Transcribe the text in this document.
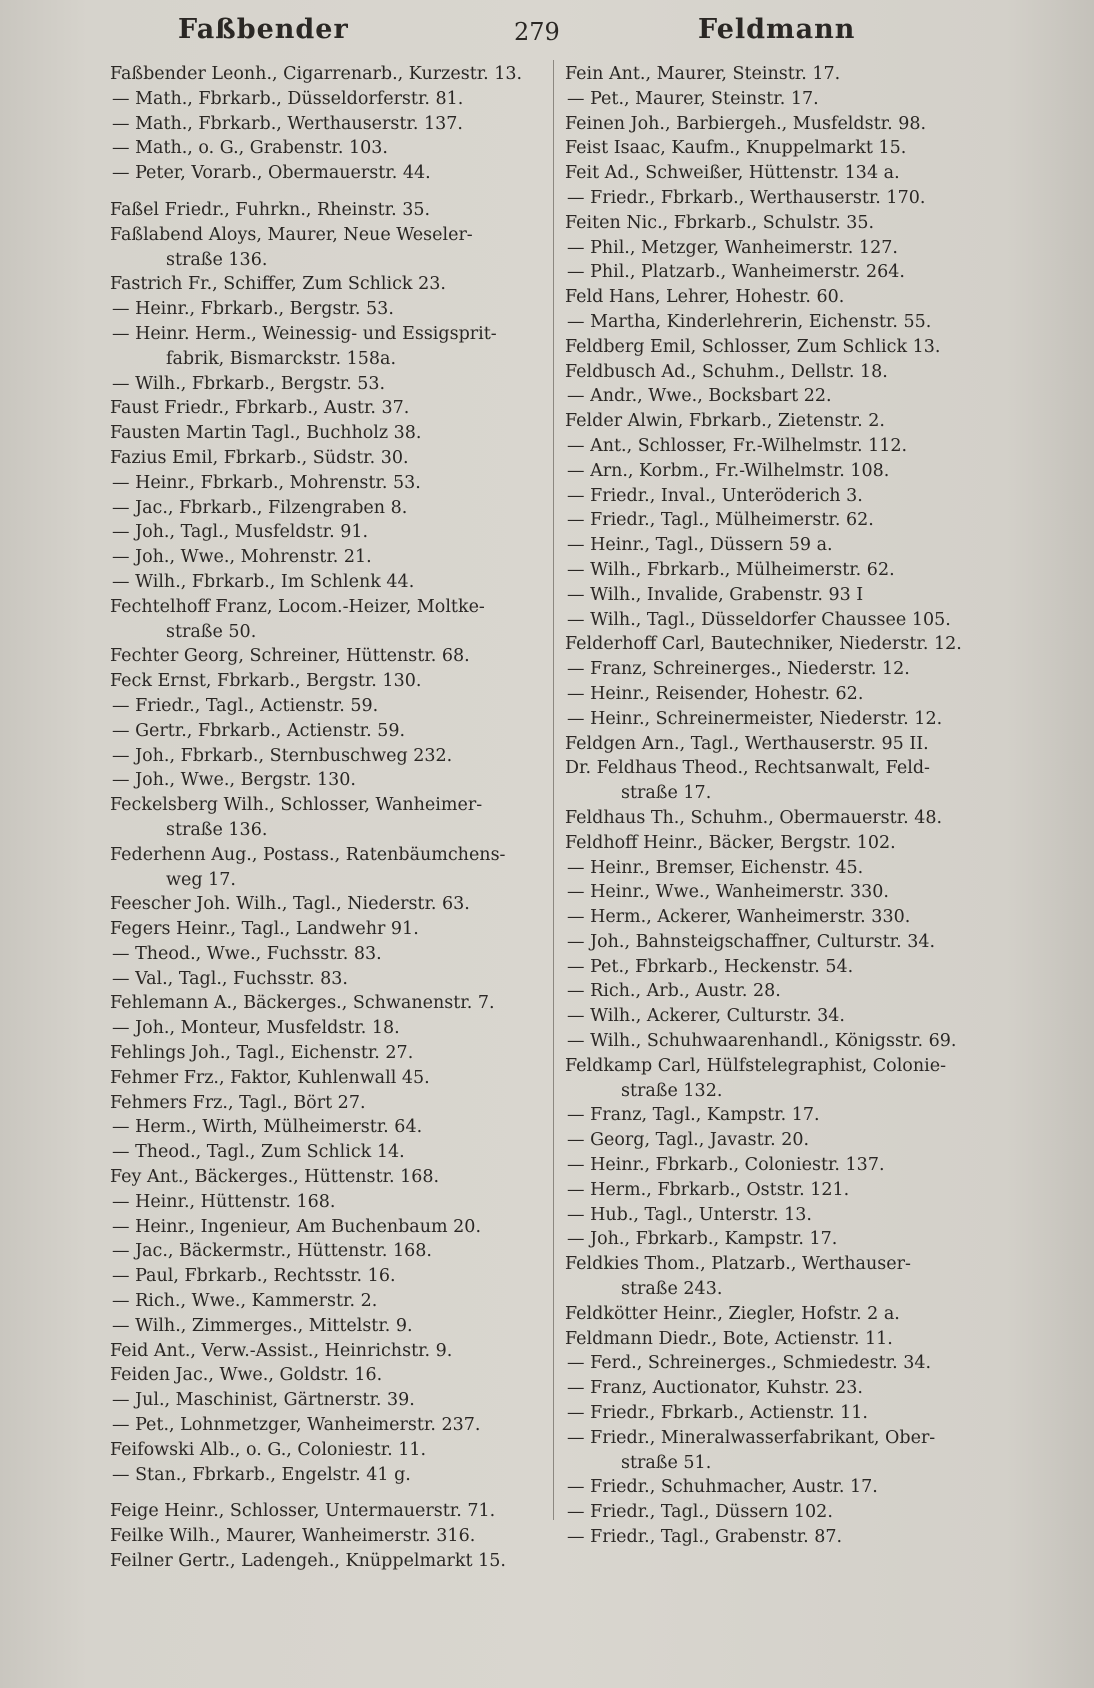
Faßbender	279	Feldmann
Faßbender Leonh., Cigarrenarb., Kurzestr. 13.
— Math., Fbrkarb., Düsseldorferstr. 81.
— Math., Fbrkarb., Werthauserstr. 137.
— Math., o. G., Grabenstr. 103.
— Peter, Vorarb., Obermauerstr. 44.
Faßel Friedr., Fuhrkn., Rheinstr. 35.
Faßlabend Aloys, Maurer, Neue Weseler-
straße 136.
Fastrich Fr., Schiffer, Zum Schlick 23.
— Heinr., Fbrkarb., Bergstr. 53.
— Heinr. Herm., Weinessig- und Essigsprit-
fabrik, Bismarckstr. 158a.
— Wilh., Fbrkarb., Bergstr. 53.
Faust Friedr., Fbrkarb., Austr. 37.
Fausten Martin Tagl., Buchholz 38.
Fazius Emil, Fbrkarb., Südstr. 30.
— Heinr., Fbrkarb., Mohrenstr. 53.
— Jac., Fbrkarb., Filzengraben 8.
— Joh., Tagl., Musfeldstr. 91.
— Joh., Wwe., Mohrenstr. 21.
— Wilh., Fbrkarb., Im Schlenk 44.
Fechtelhoff Franz, Locom.-Heizer, Moltke-
straße 50.
Fechter Georg, Schreiner, Hüttenstr. 68.
Feck Ernst, Fbrkarb., Bergstr. 130.
— Friedr., Tagl., Actienstr. 59.
— Gertr., Fbrkarb., Actienstr. 59.
— Joh., Fbrkarb., Sternbuschweg 232.
— Joh., Wwe., Bergstr. 130.
Feckelsberg Wilh., Schlosser, Wanheimer-
straße 136.
Federhenn Aug., Postass., Ratenbäumchens-
weg 17.
Feescher Joh. Wilh., Tagl., Niederstr. 63.
Fegers Heinr., Tagl., Landwehr 91.
— Theod., Wwe., Fuchsstr. 83.
— Val., Tagl., Fuchsstr. 83.
Fehlemann A., Bäckerges., Schwanenstr. 7.
— Joh., Monteur, Musfeldstr. 18.
Fehlings Joh., Tagl., Eichenstr. 27.
Fehmer Frz., Faktor, Kuhlenwall 45.
Fehmers Frz., Tagl., Bört 27.
— Herm., Wirth, Mülheimerstr. 64.
— Theod., Tagl., Zum Schlick 14.
Fey Ant., Bäckerges., Hüttenstr. 168.
— Heinr., Hüttenstr. 168.
— Heinr., Ingenieur, Am Buchenbaum 20.
— Jac., Bäckermstr., Hüttenstr. 168.
— Paul, Fbrkarb., Rechtsstr. 16.
— Rich., Wwe., Kammerstr. 2.
— Wilh., Zimmerges., Mittelstr. 9.
Feid Ant., Verw.-Assist., Heinrichstr. 9.
Feiden Jac., Wwe., Goldstr. 16.
— Jul., Maschinist, Gärtnerstr. 39.
— Pet., Lohnmetzger, Wanheimerstr. 237.
Feifowski Alb., o. G., Coloniestr. 11.
— Stan., Fbrkarb., Engelstr. 41 g.
Feige Heinr., Schlosser, Untermauerstr. 71.
Feilke Wilh., Maurer, Wanheimerstr. 316.
Feilner Gertr., Ladengeh., Knüppelmarkt 15.
Fein Ant., Maurer, Steinstr. 17.
— Pet., Maurer, Steinstr. 17.
Feinen Joh., Barbiergeh., Musfeldstr. 98.
Feist Isaac, Kaufm., Knuppelmarkt 15.
Feit Ad., Schweißer, Hüttenstr. 134 a.
— Friedr., Fbrkarb., Werthauserstr. 170.
Feiten Nic., Fbrkarb., Schulstr. 35.
— Phil., Metzger, Wanheimerstr. 127.
— Phil., Platzarb., Wanheimerstr. 264.
Feld Hans, Lehrer, Hohestr. 60.
— Martha, Kinderlehrerin, Eichenstr. 55.
Feldberg Emil, Schlosser, Zum Schlick 13.
Feldbusch Ad., Schuhm., Dellstr. 18.
— Andr., Wwe., Bocksbart 22.
Felder Alwin, Fbrkarb., Zietenstr. 2.
— Ant., Schlosser, Fr.-Wilhelmstr. 112.
— Arn., Korbm., Fr.-Wilhelmstr. 108.
— Friedr., Inval., Unteröderich 3.
— Friedr., Tagl., Mülheimerstr. 62.
— Heinr., Tagl., Düssern 59 a.
— Wilh., Fbrkarb., Mülheimerstr. 62.
— Wilh., Invalide, Grabenstr. 93 I
— Wilh., Tagl., Düsseldorfer Chaussee 105.
Felderhoff Carl, Bautechniker, Niederstr. 12.
— Franz, Schreinerges., Niederstr. 12.
— Heinr., Reisender, Hohestr. 62.
— Heinr., Schreinermeister, Niederstr. 12.
Feldgen Arn., Tagl., Werthauserstr. 95 II.
Dr. Feldhaus Theod., Rechtsanwalt, Feld-
straße 17.
Feldhaus Th., Schuhm., Obermauerstr. 48.
Feldhoff Heinr., Bäcker, Bergstr. 102.
— Heinr., Bremser, Eichenstr. 45.
— Heinr., Wwe., Wanheimerstr. 330.
— Herm., Ackerer, Wanheimerstr. 330.
— Joh., Bahnsteigschaffner, Culturstr. 34.
— Pet., Fbrkarb., Heckenstr. 54.
— Rich., Arb., Austr. 28.
— Wilh., Ackerer, Culturstr. 34.
— Wilh., Schuhwaarenhandl., Königsstr. 69.
Feldkamp Carl, Hülfstelegraphist, Colonie-
straße 132.
— Franz, Tagl., Kampstr. 17.
— Georg, Tagl., Javastr. 20.
— Heinr., Fbrkarb., Coloniestr. 137.
— Herm., Fbrkarb., Oststr. 121.
— Hub., Tagl., Unterstr. 13.
— Joh., Fbrkarb., Kampstr. 17.
Feldkies Thom., Platzarb., Werthauser-
straße 243.
Feldkötter Heinr., Ziegler, Hofstr. 2 a.
Feldmann Diedr., Bote, Actienstr. 11.
— Ferd., Schreinerges., Schmiedestr. 34.
— Franz, Auctionator, Kuhstr. 23.
— Friedr., Fbrkarb., Actienstr. 11.
— Friedr., Mineralwasserfabrikant, Ober-
straße 51.
— Friedr., Schuhmacher, Austr. 17.
— Friedr., Tagl., Düssern 102.
— Friedr., Tagl., Grabenstr. 87.
